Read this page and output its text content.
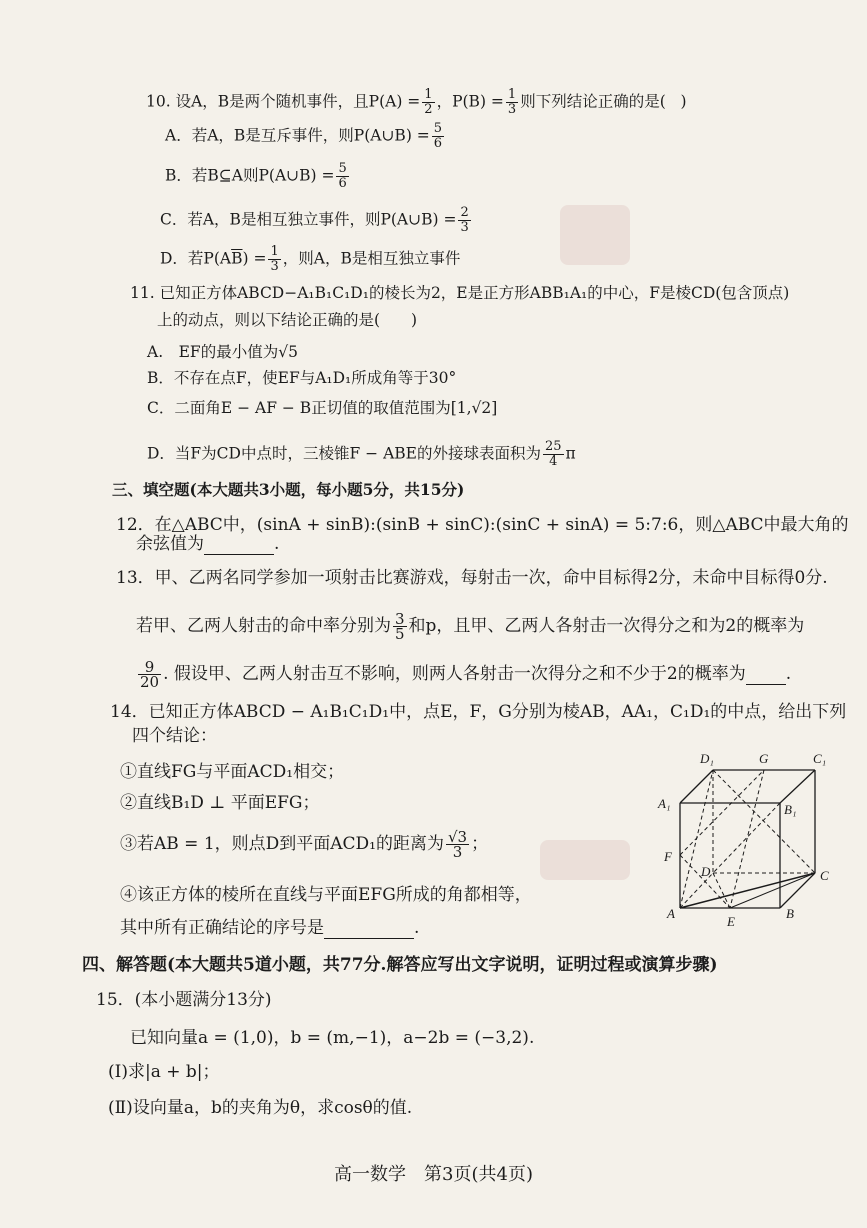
10. 设A，B是两个随机事件，且$P(A) = \frac{1}{2}$ ，$P(B) = \frac{1}{3}$ 则下列结论正确的是( )
A．若A，B是互斥事件，则P(A∪B) = $\frac{5}{6}$
B．若B⊆A则P(A∪B) = $\frac{5}{6}$
C．若A，B是相互独立事件，则P(A∪B) = $\frac{2}{3}$
D．若$P(A\overline{B}) = \frac{1}{3}$ ，则A，B是相互独立事件
11. 已知正方体ABCD−A₁B₁C₁D₁的棱长为2，E是正方形ABB₁A₁的中心，F是棱CD(包含顶点)
上的动点，则以下结论正确的是(　　)
A.　EF的最小值为√5
B．不存在点F，使EF与A₁D₁所成角等于30°
C．二面角E − AF − B正切值的取值范围为[1,√2]
D．当F为CD中点时，三棱锥F − ABE的外接球表面积为 $\frac{25}{4}$ π
三、填空题(本大题共3小题，每小题5分，共15分)
12．在△ABC中，(sinA + sinB):(sinB + sinC):(sinC + sinA) = 5:7:6，则△ABC中最大角的
余弦值为	.
13．甲、乙两名同学参加一项射击比赛游戏，每射击一次，命中目标得2分，未命中目标得0分.
若甲、乙两人射击的命中率分别为 $\frac{3}{5}$ 和p，且甲、乙两人各射击一次得分之和为2的概率为
$\frac{9}{20}$ . 假设甲、乙两人射击互不影响，则两人各射击一次得分之和不少于2的概率为 .
14．已知正方体ABCD − A₁B₁C₁D₁中，点E，F，G分别为棱AB，AA₁，C₁D₁的中点，给出下列
四个结论：
①直线FG与平面ACD₁相交；
②直线B₁D ⊥ 平面EFG；
③若AB = 1，则点D到平面ACD₁的距离为 $\frac{√3}{3}$ ；
④该正方体的棱所在直线与平面EFG所成的角都相等，
其中所有正确结论的序号是	.
D₁	G	C₁
A₁	B₁
F
D	C
A
E
B
四、解答题(本大题共5道小题，共77分.解答应写出文字说明，证明过程或演算步骤)
15．(本小题满分13分)
已知向量a = (1,0)，b = (m,−1)，a−2b = (−3,2).
(Ⅰ)求|a + b|；
(Ⅱ)设向量a，b的夹角为θ，求cosθ的值.
高一数学　第3页(共4页)
